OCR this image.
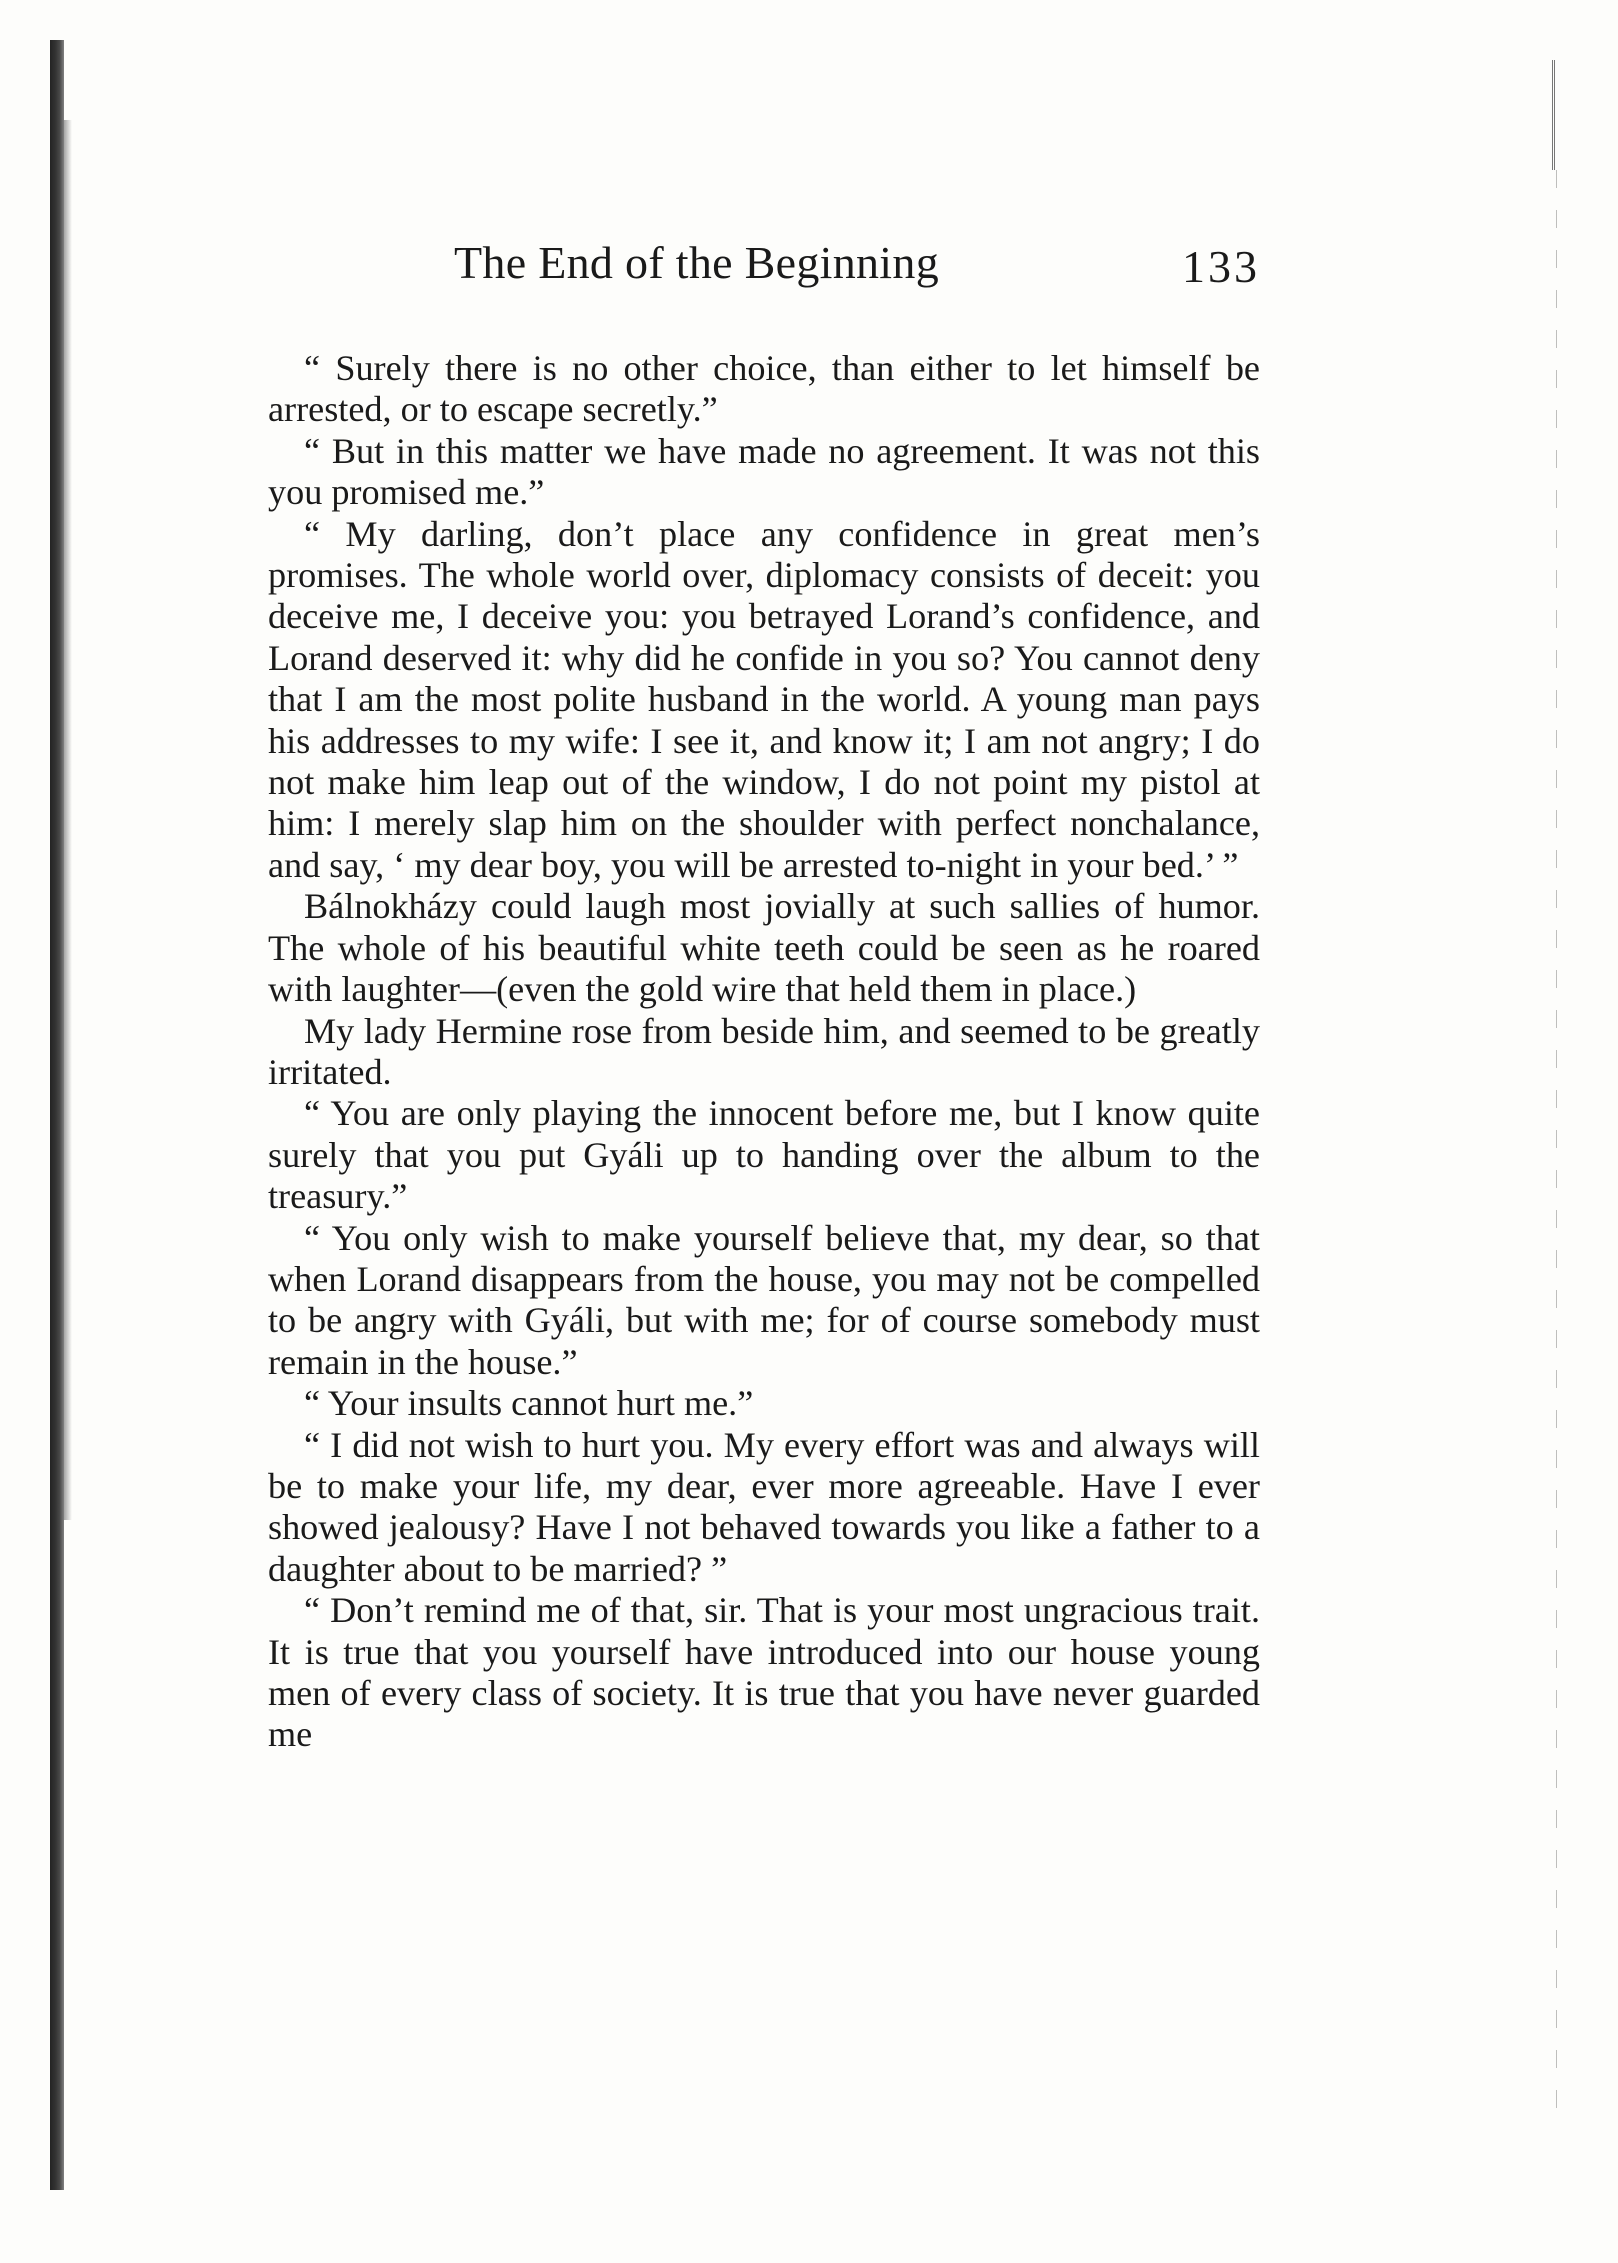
The End of the Beginning	133

“ Surely there is no other choice, than either to let himself be arrested, or to escape secretly.”

“ But in this matter we have made no agreement. It was not this you promised me.”

“ My darling, don’t place any confidence in great men’s promises. The whole world over, diplomacy consists of deceit: you deceive me, I deceive you: you betrayed Lorand’s confidence, and Lorand deserved it: why did he confide in you so? You cannot deny that I am the most polite husband in the world. A young man pays his addresses to my wife: I see it, and know it; I am not angry; I do not make him leap out of the window, I do not point my pistol at him: I merely slap him on the shoulder with perfect nonchalance, and say, ‘ my dear boy, you will be arrested to-night in your bed.’ ”

Bálnokházy could laugh most jovially at such sallies of humor. The whole of his beautiful white teeth could be seen as he roared with laughter—(even the gold wire that held them in place.)

My lady Hermine rose from beside him, and seemed to be greatly irritated.

“ You are only playing the innocent before me, but I know quite surely that you put Gyáli up to handing over the album to the treasury.”

“ You only wish to make yourself believe that, my dear, so that when Lorand disappears from the house, you may not be compelled to be angry with Gyáli, but with me; for of course somebody must remain in the house.”

“ Your insults cannot hurt me.”

“ I did not wish to hurt you. My every effort was and always will be to make your life, my dear, ever more agreeable. Have I ever showed jealousy? Have I not behaved towards you like a father to a daughter about to be married? ”

“ Don’t remind me of that, sir. That is your most ungracious trait. It is true that you yourself have introduced into our house young men of every class of society. It is true that you have never guarded me
